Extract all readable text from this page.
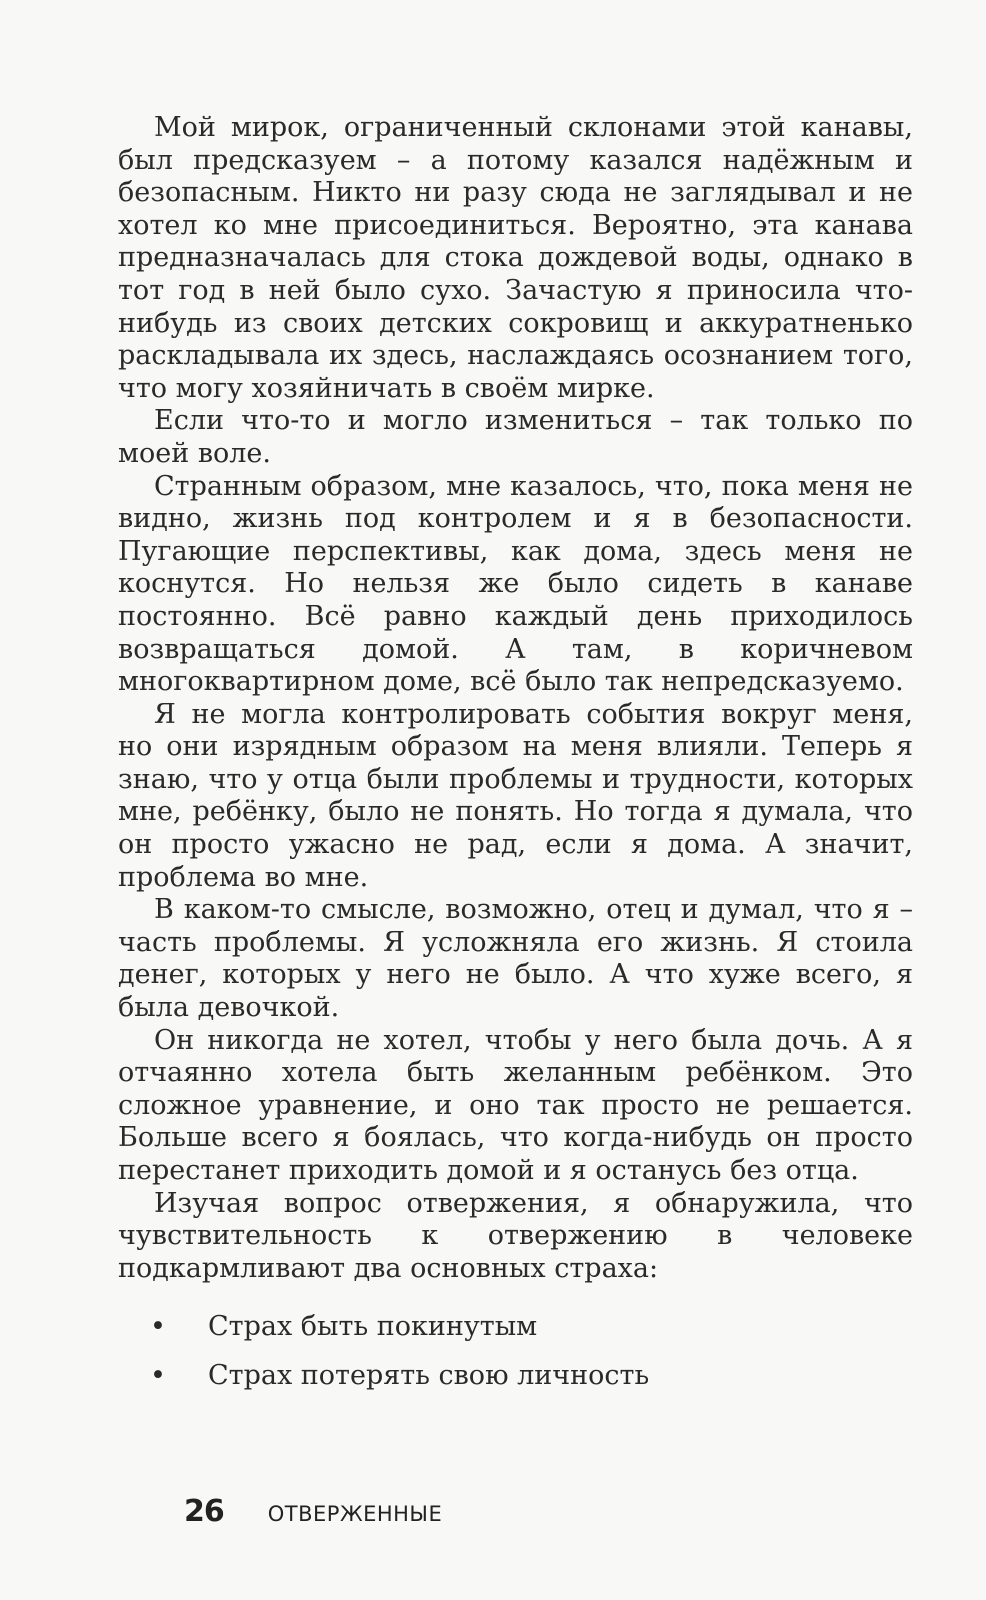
Мой мирок, ограниченный склонами этой канавы, был предсказуем – а потому казался надёжным и безопасным. Никто ни разу сюда не заглядывал и не хотел ко мне присоединиться. Вероятно, эта канава предназначалась для стока дождевой воды, однако в тот год в ней было сухо. Зачастую я приносила что-нибудь из своих детских сокровищ и аккуратненько раскладывала их здесь, наслаждаясь осознанием того, что могу хозяйничать в своём мирке.

Если что-то и могло измениться – так только по моей воле.

Странным образом, мне казалось, что, пока меня не видно, жизнь под контролем и я в безопасности. Пугающие перспективы, как дома, здесь меня не коснутся. Но нельзя же было сидеть в канаве постоянно. Всё равно каждый день приходилось возвращаться домой. А там, в коричневом многоквартирном доме, всё было так непредсказуемо.

Я не могла контролировать события вокруг меня, но они изрядным образом на меня влияли. Теперь я знаю, что у отца были проблемы и трудности, которых мне, ребёнку, было не понять. Но тогда я думала, что он просто ужасно не рад, если я дома. А значит, проблема во мне.

В каком-то смысле, возможно, отец и думал, что я – часть проблемы. Я усложняла его жизнь. Я стоила денег, которых у него не было. А что хуже всего, я была девочкой.

Он никогда не хотел, чтобы у него была дочь. А я отчаянно хотела быть желанным ребёнком. Это сложное уравнение, и оно так просто не решается. Больше всего я боялась, что когда-нибудь он просто перестанет приходить домой и я останусь без отца.

Изучая вопрос отвержения, я обнаружила, что чувствительность к отвержению в человеке подкармливают два основных страха:

• Страх быть покинутым
• Страх потерять свою личность
26 ОТВЕРЖЕННЫЕ
